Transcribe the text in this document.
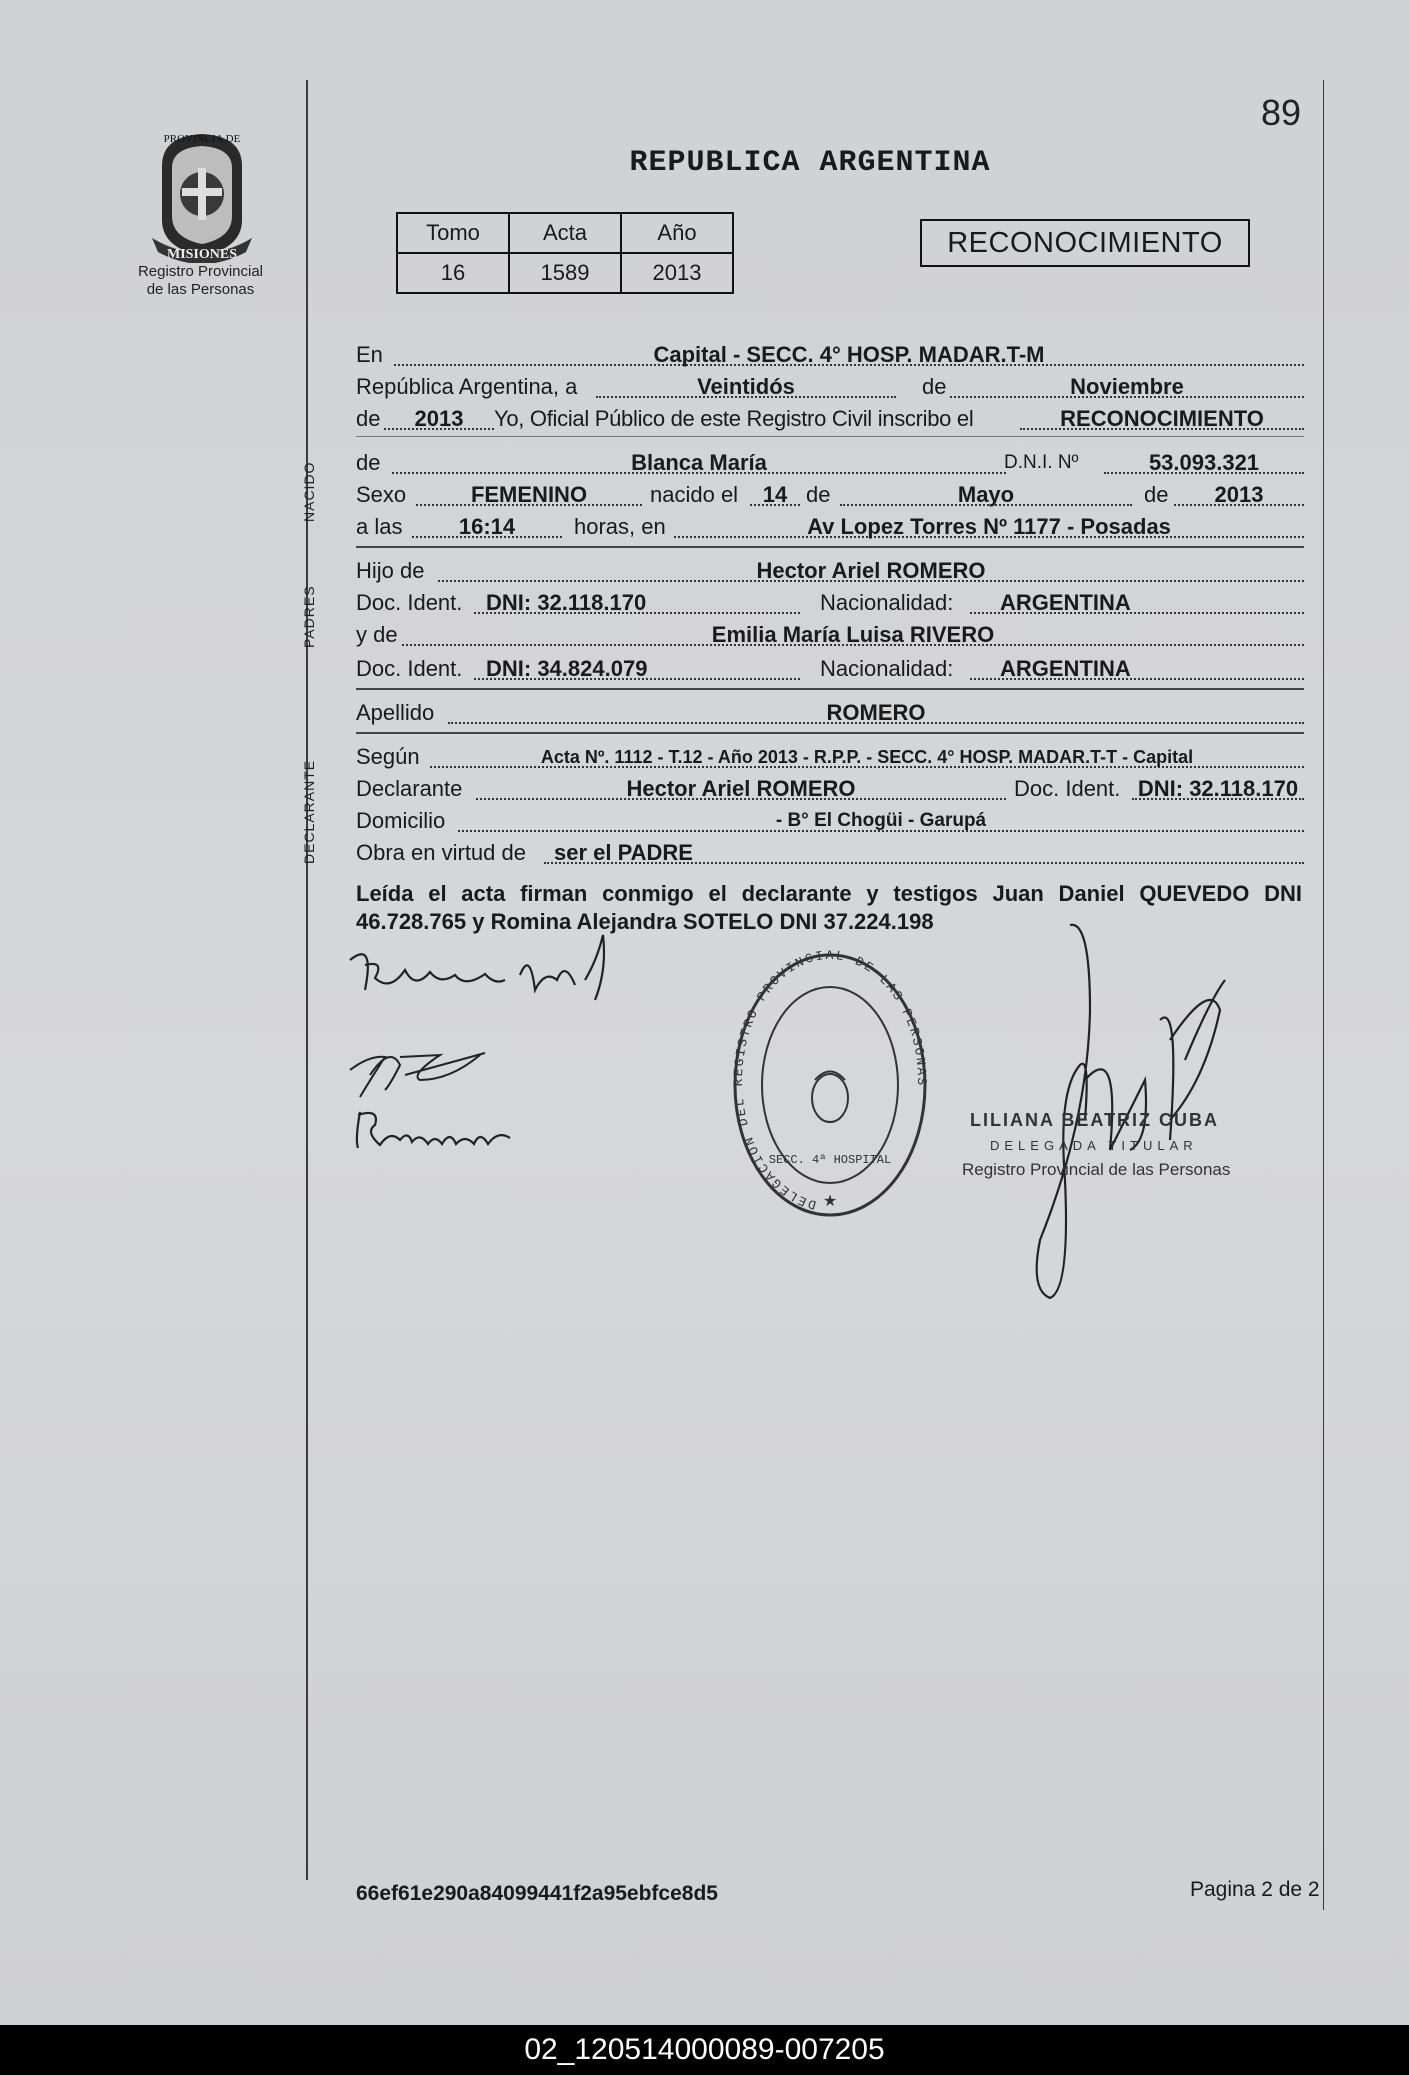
PROVINCIA DE
MISIONES
Registro Provincial
de las Personas
89
REPUBLICA ARGENTINA
Tomo	Acta	Año
16	1589	2013
RECONOCIMIENTO
NACIDO
PADRES
DECLARANTE
En	Capital - SECC. 4° HOSP. MADAR.T-M
República Argentina, a	Veintidós	de	Noviembre
de	2013	Yo, Oficial Público de este Registro Civil inscribo el	RECONOCIMIENTO
de	Blanca María	D.N.I. Nº	53.093.321
Sexo	FEMENINO	nacido el	14 de	Mayo	de	2013
a las	16:14	horas, en	Av Lopez Torres Nº 1177 - Posadas
Hijo de	Hector Ariel ROMERO
Doc. Ident.	DNI: 32.118.170	Nacionalidad:	ARGENTINA
y de	Emilia María Luisa RIVERO
Doc. Ident.	DNI: 34.824.079	Nacionalidad:	ARGENTINA
Apellido	ROMERO
Según	Acta Nº. 1112 - T.12 - Año 2013 - R.P.P. - SECC. 4° HOSP. MADAR.T-T - Capital
Declarante	Hector Ariel ROMERO	Doc. Ident. DNI: 32.118.170
Domicilio	- B° El Chogüi - Garupá
Obra en virtud de	ser el PADRE
Leída el acta firman conmigo el declarante y testigos Juan Daniel QUEVEDO DNI 46.728.765 y Romina Alejandra SOTELO DNI 37.224.198
DELEGACION DEL REGISTRO PROVINCIAL DE LAS PERSONAS
SECC. 4ª HOSPITAL
★
LILIANA BEATRIZ CUBA
DELEGADA TITULAR
Registro Provincial de las Personas
66ef61e290a84099441f2a95ebfce8d5	Pagina 2 de 2
02_120514000089-007205
